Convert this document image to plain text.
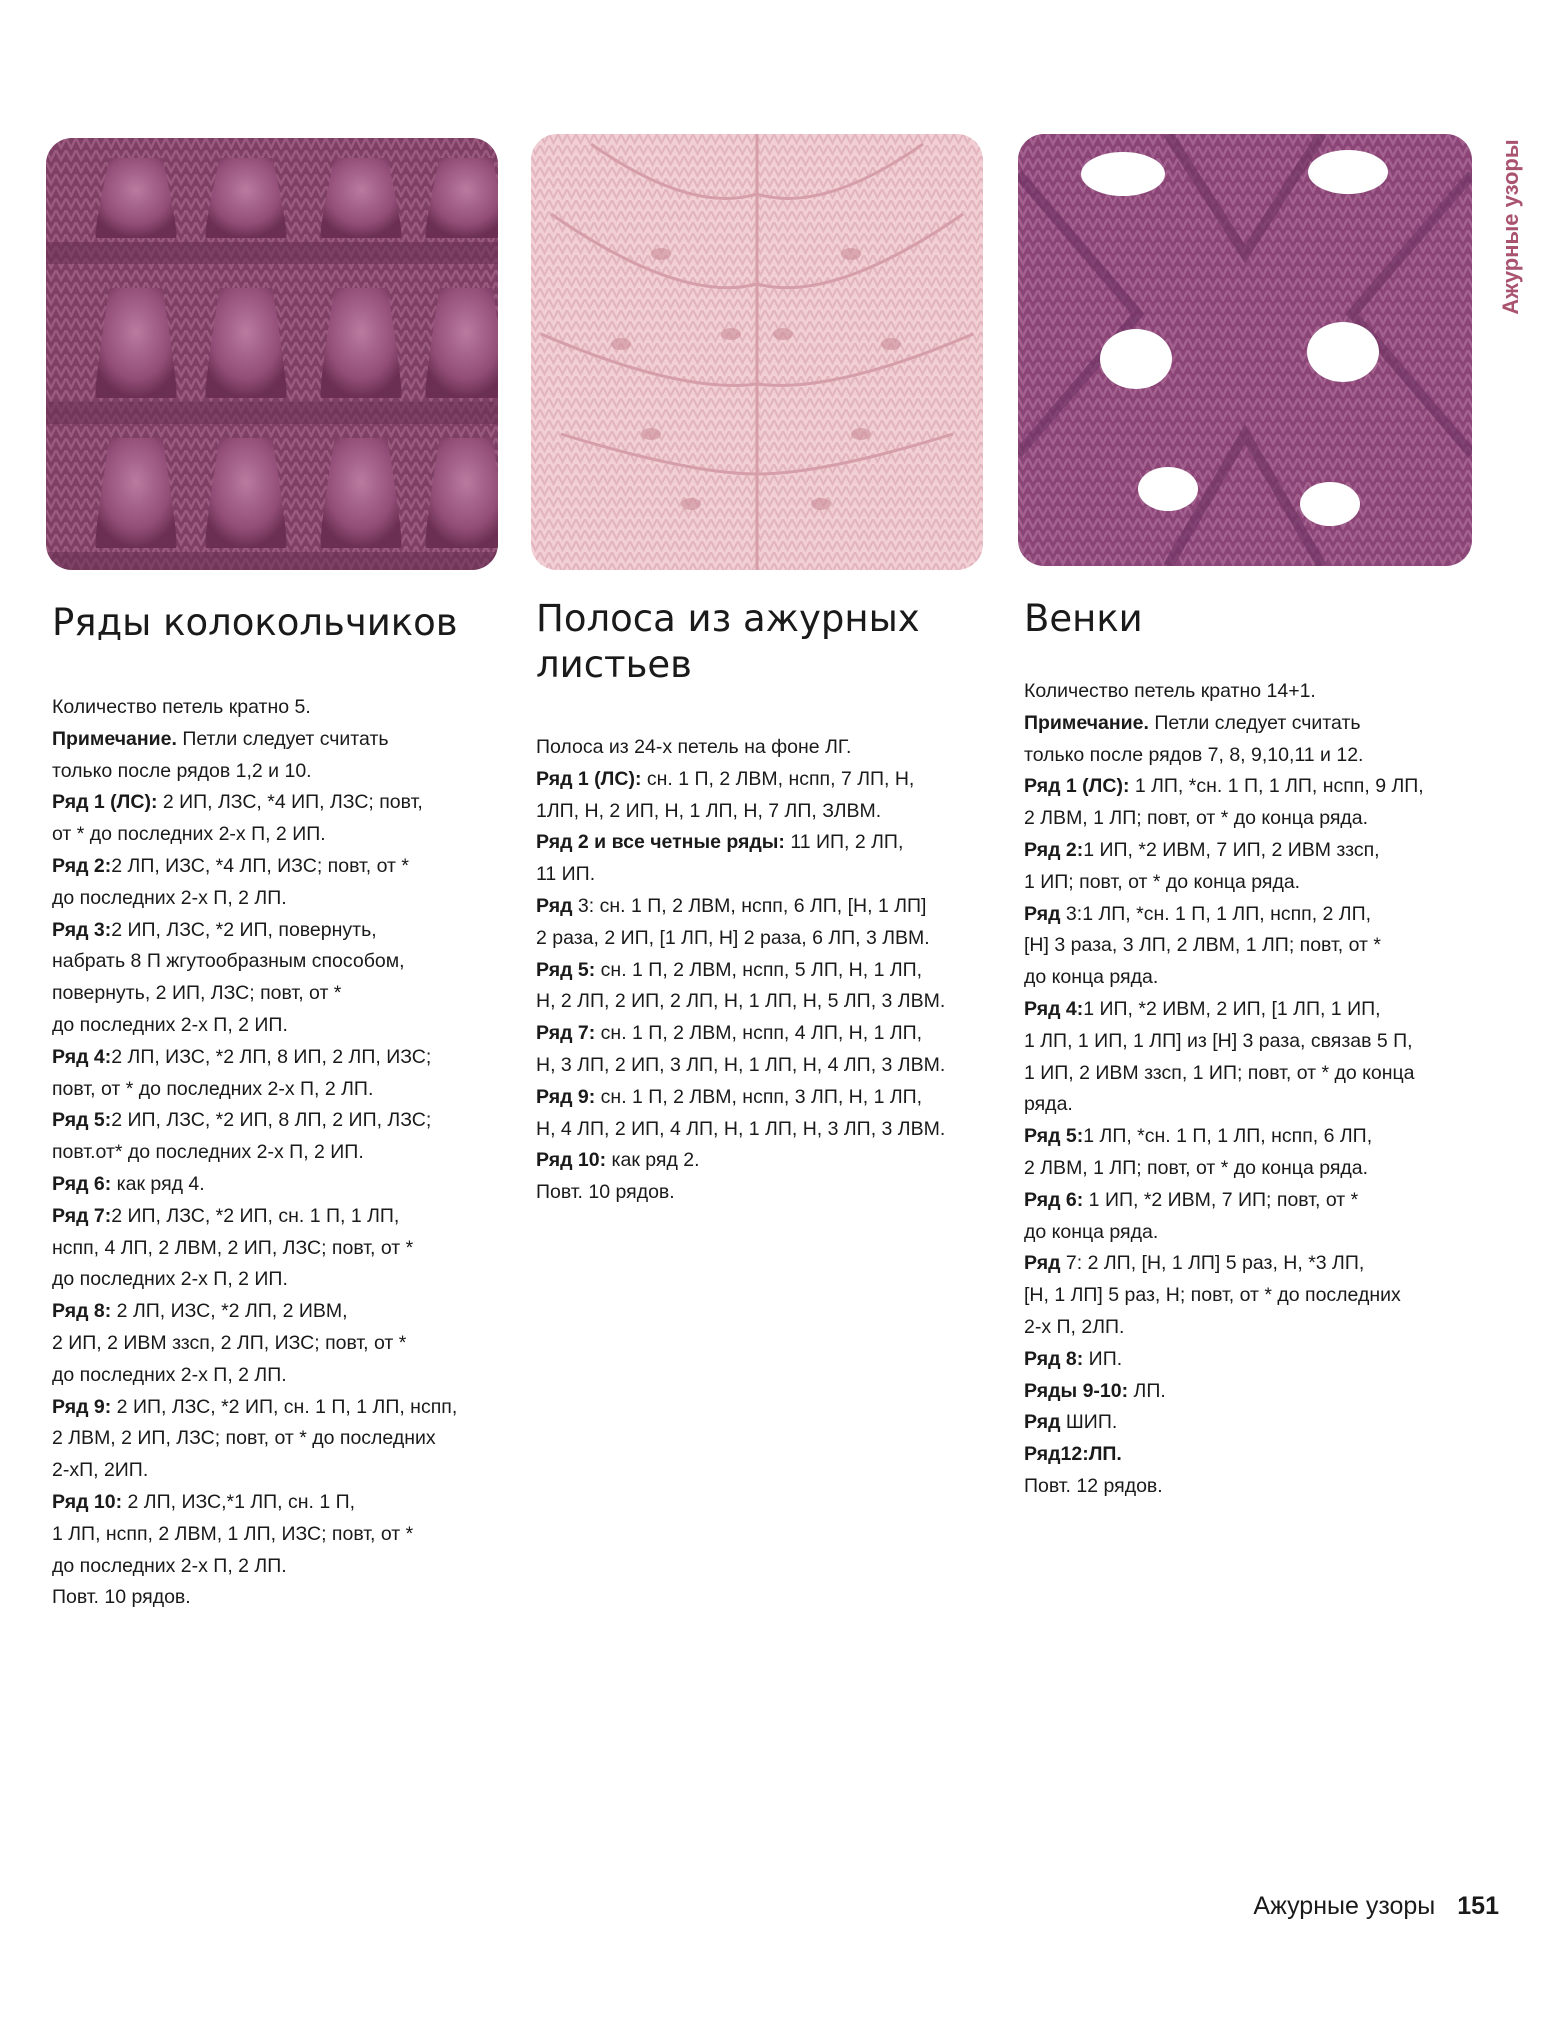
Ажурные узоры
Ряды колокольчиков
Количество петель кратно 5.
Примечание. Петли следует считать
только после рядов 1,2 и 10.
Ряд 1 (ЛС): 2 ИП, ЛЗС, *4 ИП, ЛЗС; повт,
от * до последних 2-х П, 2 ИП.
Ряд 2:2 ЛП, ИЗС, *4 ЛП, ИЗС; повт, от *
до последних 2-х П, 2 ЛП.
Ряд 3:2 ИП, ЛЗС, *2 ИП, повернуть,
набрать 8 П жгутообразным способом,
повернуть, 2 ИП, ЛЗС; повт, от *
до последних 2-х П, 2 ИП.
Ряд 4:2 ЛП, ИЗС, *2 ЛП, 8 ИП, 2 ЛП, ИЗС;
повт, от * до последних 2-х П, 2 ЛП.
Ряд 5:2 ИП, ЛЗС, *2 ИП, 8 ЛП, 2 ИП, ЛЗС;
повт.от* до последних 2-х П, 2 ИП.
Ряд 6: как ряд 4.
Ряд 7:2 ИП, ЛЗС, *2 ИП, сн. 1 П, 1 ЛП,
нспп, 4 ЛП, 2 ЛВМ, 2 ИП, ЛЗС; повт, от *
до последних 2-х П, 2 ИП.
Ряд 8: 2 ЛП, ИЗС, *2 ЛП, 2 ИВМ,
2 ИП, 2 ИВМ ззсп, 2 ЛП, ИЗС; повт, от *
до последних 2-х П, 2 ЛП.
Ряд 9: 2 ИП, ЛЗС, *2 ИП, сн. 1 П, 1 ЛП, нспп,
2 ЛВМ, 2 ИП, ЛЗС; повт, от * до последних
2-хП, 2ИП.
Ряд 10: 2 ЛП, ИЗС,*1 ЛП, сн. 1 П,
1 ЛП, нспп, 2 ЛВМ, 1 ЛП, ИЗС; повт, от *
до последних 2-х П, 2 ЛП.
Повт. 10 рядов.
Полоса из ажурных листьев
Полоса из 24-х петель на фоне ЛГ.
Ряд 1 (ЛС): сн. 1 П, 2 ЛВМ, нспп, 7 ЛП, Н,
1ЛП, Н, 2 ИП, Н, 1 ЛП, Н, 7 ЛП, ЗЛВМ.
Ряд 2 и все четные ряды: 11 ИП, 2 ЛП,
11 ИП.
Ряд 3: сн. 1 П, 2 ЛВМ, нспп, 6 ЛП, [Н, 1 ЛП]
2 раза, 2 ИП, [1 ЛП, Н] 2 раза, 6 ЛП, 3 ЛВМ.
Ряд 5: сн. 1 П, 2 ЛВМ, нспп, 5 ЛП, Н, 1 ЛП,
Н, 2 ЛП, 2 ИП, 2 ЛП, Н, 1 ЛП, Н, 5 ЛП, 3 ЛВМ.
Ряд 7: сн. 1 П, 2 ЛВМ, нспп, 4 ЛП, Н, 1 ЛП,
Н, 3 ЛП, 2 ИП, 3 ЛП, Н, 1 ЛП, Н, 4 ЛП, 3 ЛВМ.
Ряд 9: сн. 1 П, 2 ЛВМ, нспп, 3 ЛП, Н, 1 ЛП,
Н, 4 ЛП, 2 ИП, 4 ЛП, Н, 1 ЛП, Н, 3 ЛП, 3 ЛВМ.
Ряд 10: как ряд 2.
Повт. 10 рядов.
Венки
Количество петель кратно 14+1.
Примечание. Петли следует считать
только после рядов 7, 8, 9,10,11 и 12.
Ряд 1 (ЛС): 1 ЛП, *сн. 1 П, 1 ЛП, нспп, 9 ЛП,
2 ЛВМ, 1 ЛП; повт, от * до конца ряда.
Ряд 2:1 ИП, *2 ИВМ, 7 ИП, 2 ИВМ ззсп,
1 ИП; повт, от * до конца ряда.
Ряд 3:1 ЛП, *сн. 1 П, 1 ЛП, нспп, 2 ЛП,
[Н] 3 раза, 3 ЛП, 2 ЛВМ, 1 ЛП; повт, от *
до конца ряда.
Ряд 4:1 ИП, *2 ИВМ, 2 ИП, [1 ЛП, 1 ИП,
1 ЛП, 1 ИП, 1 ЛП] из [Н] 3 раза, связав 5 П,
1 ИП, 2 ИВМ ззсп, 1 ИП; повт, от * до конца
ряда.
Ряд 5:1 ЛП, *сн. 1 П, 1 ЛП, нспп, 6 ЛП,
2 ЛВМ, 1 ЛП; повт, от * до конца ряда.
Ряд 6: 1 ИП, *2 ИВМ, 7 ИП; повт, от *
до конца ряда.
Ряд 7: 2 ЛП, [Н, 1 ЛП] 5 раз, Н, *3 ЛП,
[Н, 1 ЛП] 5 раз, Н; повт, от * до последних
2-х П, 2ЛП.
Ряд 8: ИП.
Ряды 9-10: ЛП.
Ряд ШИП.
Ряд12:ЛП.
Повт. 12 рядов.
Ажурные узоры 151
